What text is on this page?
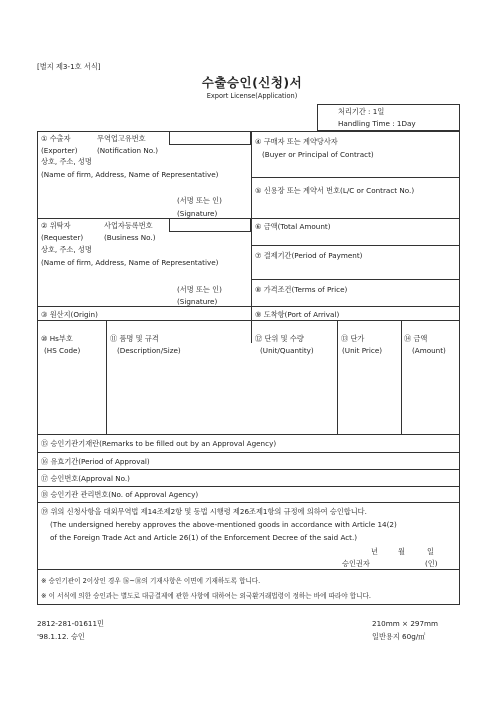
[별지 제3-1호 서식]
수출승인(신청)서
Export License(Application)
처리기간 : 1일
Handling Time : 1Day
① 수출자	무역업고유번호
(Exporter)	(Notification No.)
상호, 주소, 성명
(Name of firm, Address, Name of Representative)
(서명 또는 인)
(Signature)
② 위탁자	사업자등록번호
(Requester)	(Business No.)
상호, 주소, 성명
(Name of firm, Address, Name of Representative)
(서명 또는 인)
(Signature)
③ 원산지(Origin)
④ 구매자 또는 계약당사자
(Buyer or Principal of Contract)
⑤ 신용장 또는 계약서 번호(L/C or Contract No.)
⑥ 금액(Total Amount)
⑦ 결제기간(Period of Payment)
⑧ 가격조건(Terms of Price)
⑨ 도착항(Port of Arrival)
⑩ Hs부호
(HS Code)
⑪ 품명 및 규격
(Description/Size)
⑫ 단위 및 수량
(Unit/Quantity)
⑬ 단가
(Unit Price)
⑭ 금액
(Amount)
⑮ 승인기관기재란(Remarks to be filled out by an Approval Agency)
⑯ 유효기간(Period of Approval)
⑰ 승인번호(Approval No.)
⑱ 승인기관 관리번호(No. of Approval Agency)
⑲ 위의 신청사항을 대외무역법 제14조제2항 및 동법 시행령 제26조제1항의 규정에 의하여 승인합니다.
(The undersigned hereby approves the above-mentioned goods in accordance with Article 14(2)
of the Foreign Trade Act and Article 26(1) of the Enforcement Decree of the said Act.)
년	월	일
승인권자	(인)
※ 승인기관이 2이상인 경우 ⑯~⑱의 기재사항은 이면에 기재하도록 합니다.
※ 이 서식에 의한 승인과는 별도로 대금결제에 관한 사항에 대하여는 외국환거래법령이 정하는 바에 따라야 합니다.
2812-281-01611민
'98.1.12. 승인
210mm × 297mm
일반용지 60g/㎡
